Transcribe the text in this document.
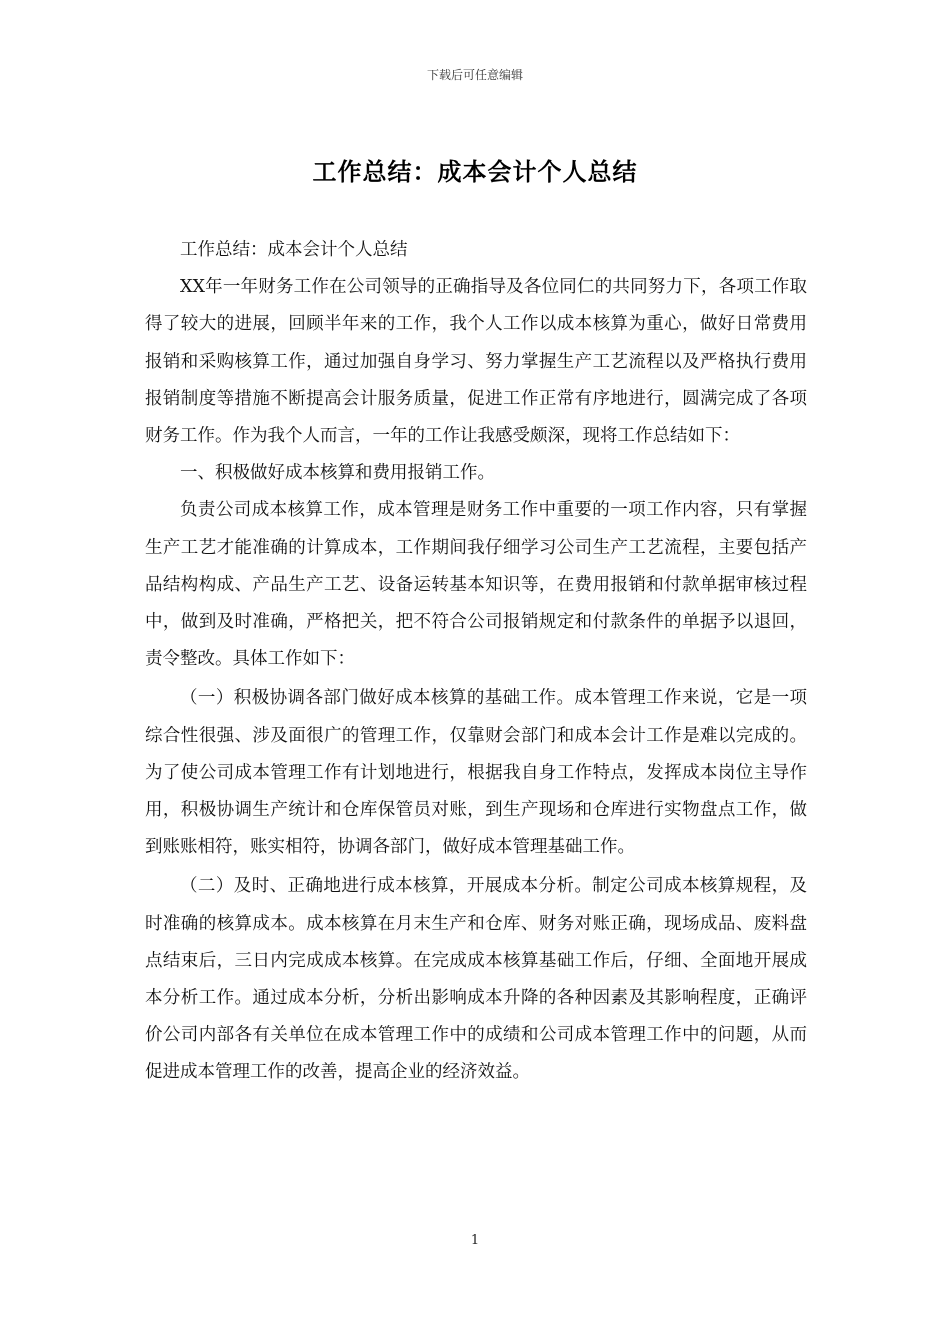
下载后可任意编辑
工作总结：成本会计个人总结

工作总结：成本会计个人总结

XX年一年财务工作在公司领导的正确指导及各位同仁的共同努力下，各项工作取得了较大的进展，回顾半年来的工作，我个人工作以成本核算为重心，做好日常费用报销和采购核算工作，通过加强自身学习、努力掌握生产工艺流程以及严格执行费用报销制度等措施不断提高会计服务质量，促进工作正常有序地进行，圆满完成了各项财务工作。作为我个人而言，一年的工作让我感受颇深，现将工作总结如下：

一、积极做好成本核算和费用报销工作。

负责公司成本核算工作，成本管理是财务工作中重要的一项工作内容，只有掌握生产工艺才能准确的计算成本，工作期间我仔细学习公司生产工艺流程，主要包括产品结构构成、产品生产工艺、设备运转基本知识等，在费用报销和付款单据审核过程中，做到及时准确，严格把关，把不符合公司报销规定和付款条件的单据予以退回，责令整改。具体工作如下：

（一）积极协调各部门做好成本核算的基础工作。成本管理工作来说，它是一项综合性很强、涉及面很广的管理工作，仅靠财会部门和成本会计工作是难以完成的。为了使公司成本管理工作有计划地进行，根据我自身工作特点，发挥成本岗位主导作用，积极协调生产统计和仓库保管员对账，到生产现场和仓库进行实物盘点工作，做到账账相符，账实相符，协调各部门，做好成本管理基础工作。

（二）及时、正确地进行成本核算，开展成本分析。制定公司成本核算规程，及时准确的核算成本。成本核算在月末生产和仓库、财务对账正确，现场成品、废料盘点结束后，三日内完成成本核算。在完成成本核算基础工作后，仔细、全面地开展成本分析工作。通过成本分析，分析出影响成本升降的各种因素及其影响程度，正确评价公司内部各有关单位在成本管理工作中的成绩和公司成本管理工作中的问题，从而促进成本管理工作的改善，提高企业的经济效益。

1
